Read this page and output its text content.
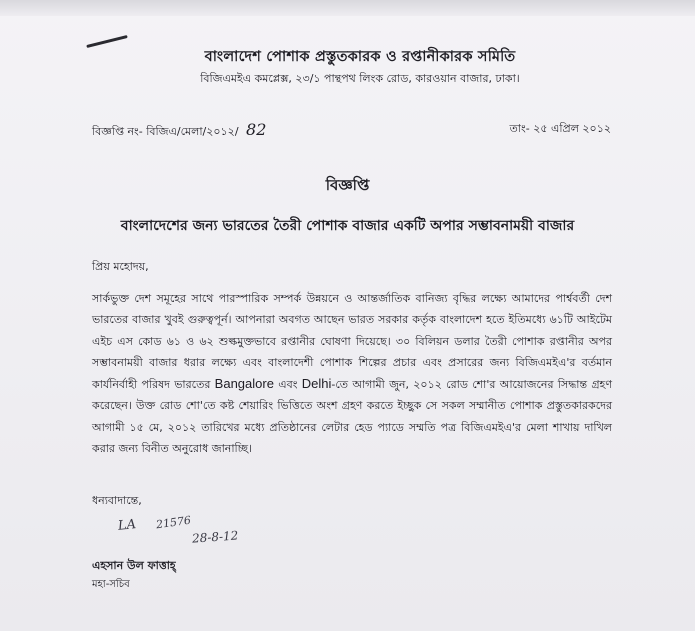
বাংলাদেশ পোশাক প্রস্তুতকারক ও রপ্তানীকারক সমিতি
বিজিএমইএ কমপ্লেক্স, ২৩/১ পান্থপথ লিংক রোড, কারওয়ান বাজার, ঢাকা।
বিজ্ঞপ্তি নং- বিজিএ/মেলা/২০১২/ 82	তাং- ২৫ এপ্রিল ২০১২
বিজ্ঞপ্তি
বাংলাদেশের জন্য ভারতের তৈরী পোশাক বাজার একটি অপার সম্ভাবনাময়ী বাজার
প্রিয় মহোদয়,
সার্কভুক্ত দেশ সমূহের সাথে পারস্পারিক সম্পর্ক উন্নয়নে ও আন্তর্জাতিক বানিজ্য বৃদ্ধির লক্ষ্যে আমাদের পার্শ্ববর্তী দেশ ভারতের বাজার খুবই গুরুত্বপূর্ন। আপনারা অবগত আছেন ভারত সরকার কর্তৃক বাংলাদেশ হতে ইতিমধ্যে ৬১টি আইটেম এইচ এস কোড ৬১ ও ৬২ শুল্কমুক্তভাবে রপ্তানীর ঘোষণা দিয়েছে। ৩০ বিলিয়ন ডলার তৈরী পোশাক রপ্তানীর অপর সম্ভাবনাময়ী বাজার ধরার লক্ষ্যে এবং বাংলাদেশী পোশাক শিল্পের প্রচার এবং প্রসারের জন্য বিজিএমইএ'র বর্তমান কার্যনির্বাহী পরিষদ ভারতের Bangalore এবং Delhi-তে আগামী জুন, ২০১২ রোড শো'র আয়োজনের সিদ্ধান্ত গ্রহণ করেছেন। উক্ত রোড শো'তে কষ্ট শেয়ারিং ভিত্তিতে অংশ গ্রহণ করতে ইচ্ছুক সে সকল সম্মানীত পোশাক প্রস্তুতকারকদের আগামী ১৫ মে, ২০১২ তারিখের মধ্যে প্রতিষ্ঠানের লেটার হেড প্যাডে সম্মতি পত্র বিজিএমইএ'র মেলা শাখায় দাখিল করার জন্য বিনীত অনুরোধ জানাচ্ছি।
ধন্যবাদান্তে,
LA 21576
28-8-12
এহসান উল ফাত্তাহ্‌
মহা-সচিব
